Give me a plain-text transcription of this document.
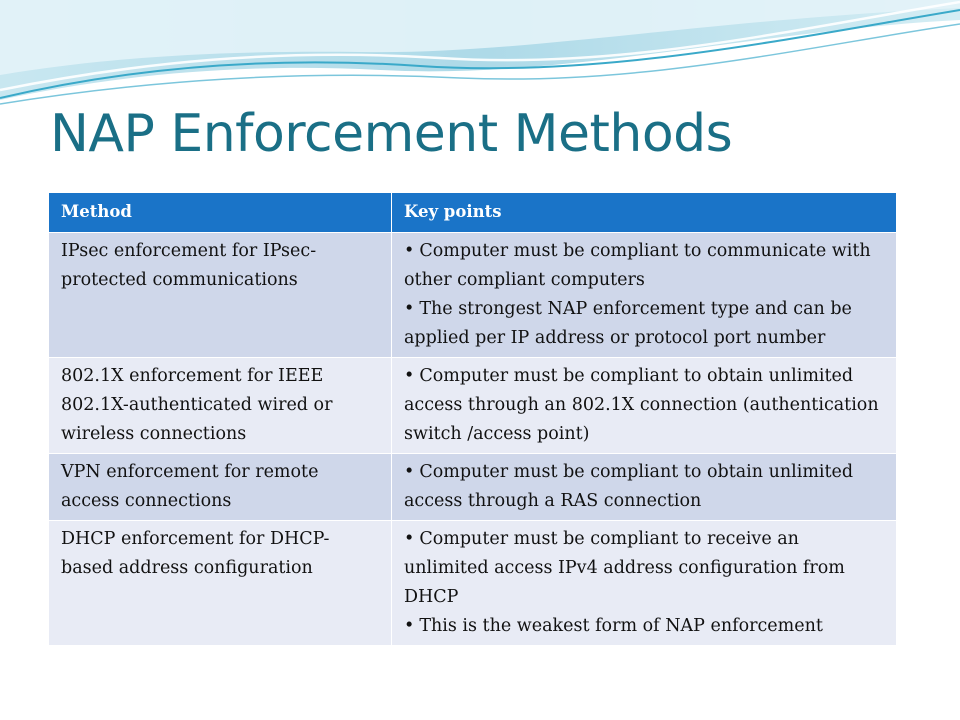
NAP Enforcement Methods
Method	Key points
IPsec enforcement for IPsec-protected communications	• Computer must be compliant to communicate with other compliant computers
• The strongest NAP enforcement type and can be applied per IP address or protocol port number

802.1X enforcement for IEEE 802.1X-authenticated wired or wireless connections	• Computer must be compliant to obtain unlimited access through an 802.1X connection (authentication switch /access point)

VPN enforcement for remote access connections	• Computer must be compliant to obtain unlimited access through a RAS connection

DHCP enforcement for DHCP-based address configuration	• Computer must be compliant to receive an unlimited access IPv4 address configuration from DHCP
• This is the weakest form of NAP enforcement
